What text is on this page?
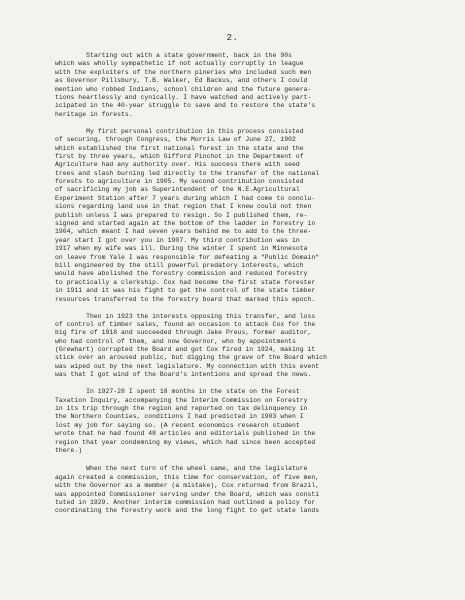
2.
Starting out with a state government, back in the 90s
which was wholly sympathetic if not actually corruptly in league
with the exploiters of the northern pineries who included such men
as Governor Pillsbury, T.B. Walker, Ed Backus, and others I could
mention who robbed Indians, school children and the future genera-
tions heartlessly and cynically. I have watched and actively part-
icipated in the 40-year struggle to save and to restore the state's
heritage in forests.
My first personal contribution in this process consisted
of securing, through Congress, the Morris Law of June 27, 1902
which established the first national forest in the state and the
first by three years, which Gifford Pinchot in the Department of
Agriculture had any authority over. His success there with seed
trees and slash burning led directly to the transfer of the national
forests to agriculture in 1905. My second contribution consisted
of sacrificing my job as Superintendent of the N.E.Agricultural
Experiment Station after 7 years during which I had come to conclu-
sions regarding land use in that region that I knew could not then
publish unless I was prepared to resign. So I published them, re-
signed and started again at the bottom of the ladder in forestry in
1904, which meant I had seven years behind me to add to the three-
year start I got over you in 1907. My third contribution was in
1917 when my wife was ill. During the winter I spent in Minnesota
on leave from Yale I was responsible for defeating a "Public Domain"
bill engineered by the still powerful predatory interests, which
would have abolished the forestry commission and reduced forestry
to practically a clerkship. Cox had become the first state forester
in 1911 and it was his fight to get the control of the state timber
resources transferred to the forestry board that marked this epoch.
Then in 1923 the interests opposing this transfer, and loss
of control of timber sales, found an occasion to attack Cox for the
big fire of 1918 and succeeded through Jake Preus, former auditor,
who had control of them, and now Governor, who by appointments
(Grewhart) corrupted the Board and got Cox fired in 1924, making it
stick over an aroused public, but digging the grave of the Board which
was wiped out by the next legislature. My connection with this event
was that I got wind of the Board's intentions and spread the news.
In 1927-28 I spent 18 months in the state on the Forest
Taxation Inquiry, accompanying the Interim Commission on Forestry
in its trip through the region and reported on tax delinquency in
the Northern Counties, conditions I had predicted in 1903 when I
lost my job for saying so. (A recent economics research student
wrote that he had found 48 articles and editorials published in the
region that year condemning my views, which had since been accepted
there.)
When the next turn of the wheel came, and the legislature
again created a commission, this time for conservation, of five men,
with the Governor as a member (a mistake), Cox returned from Brazil,
was appointed Commissioner serving under the Board, which was consti
tuted in 1929. Another interim commission had outlined a policy for
coordinating the forestry work and the long fight to get state lands
